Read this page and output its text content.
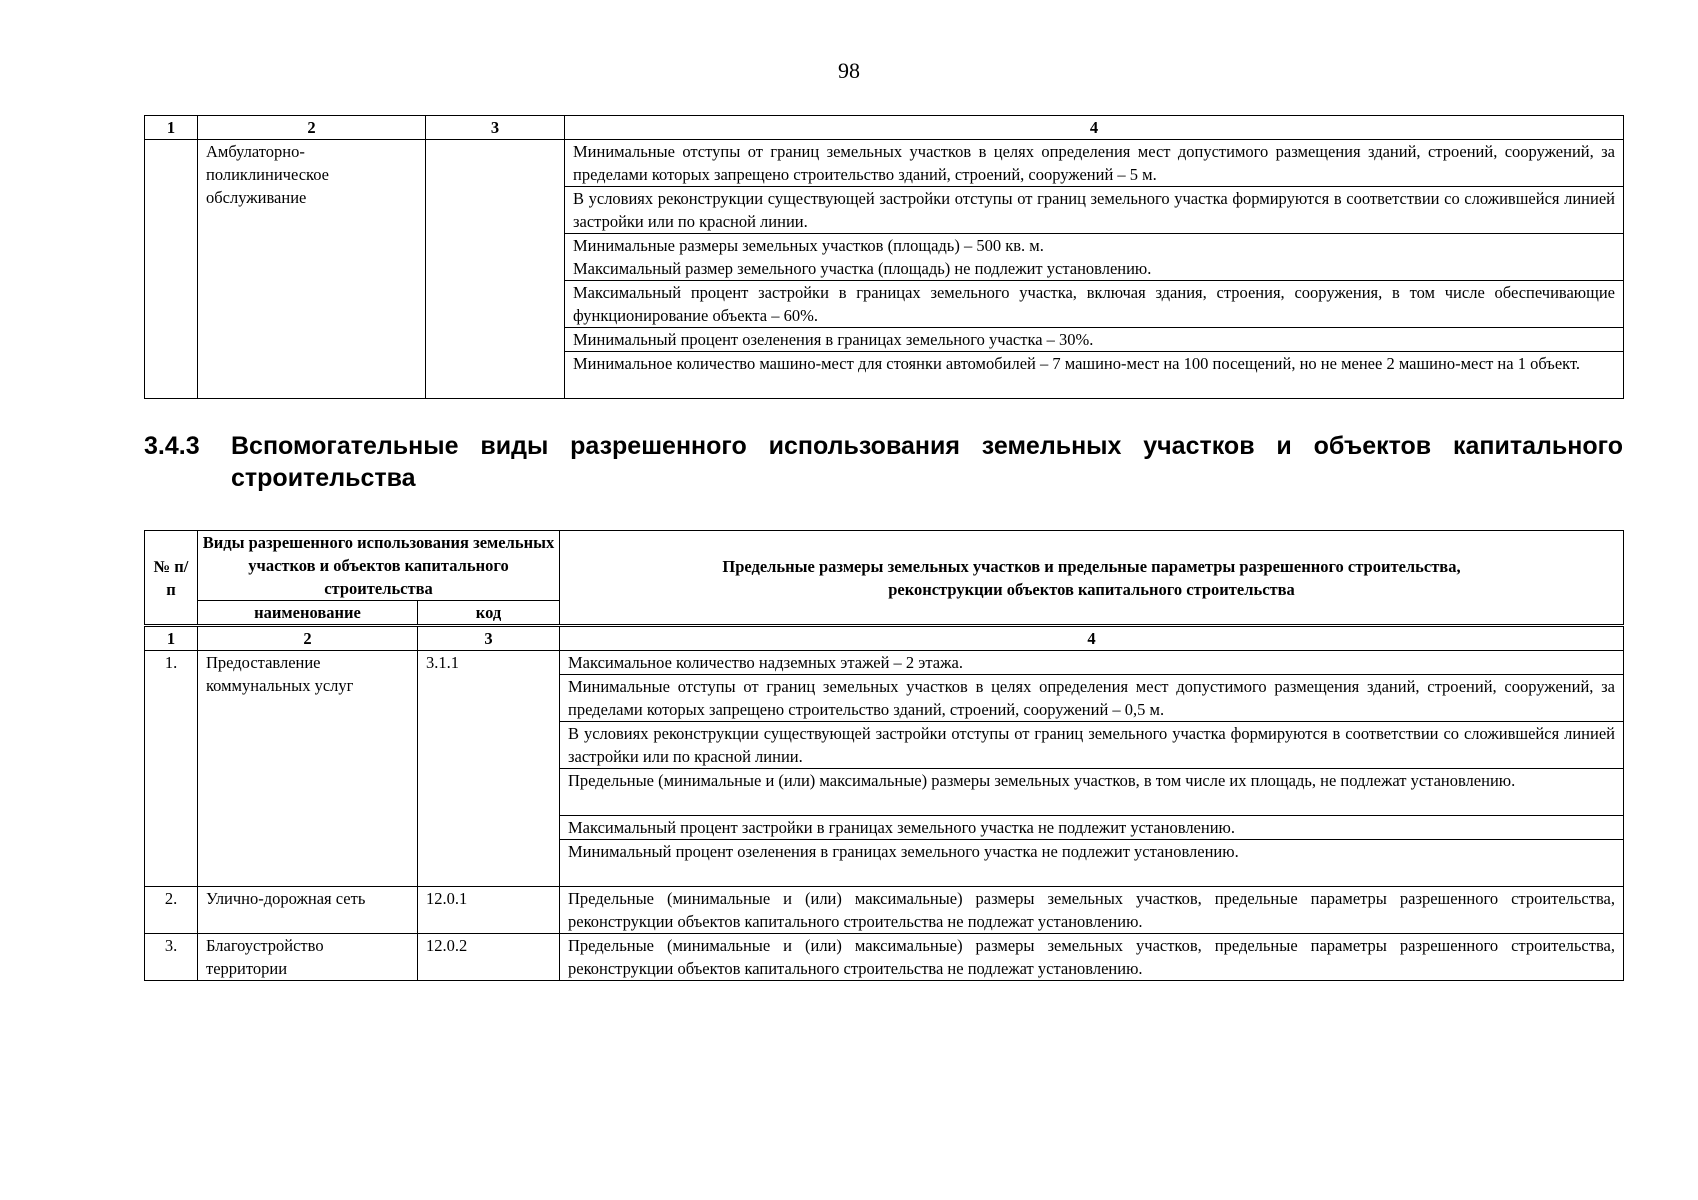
98
1	2	3	4
	Амбулаторно-поликлиническое обслуживание		Минимальные отступы от границ земельных участков в целях определения мест допустимого размещения зданий, строений, сооружений, за пределами которых запрещено строительство зданий, строений, сооружений – 5 м.
			В условиях реконструкции существующей застройки отступы от границ земельного участка формируются в соответствии со сложившейся линией застройки или по красной линии.
			Минимальные размеры земельных участков (площадь) – 500 кв. м.
Максимальный размер земельного участка (площадь) не подлежит установлению.
			Максимальный процент застройки в границах земельного участка, включая здания, строения, сооружения, в том числе обеспечивающие функционирование объекта – 60%.
			Минимальный процент озеленения в границах земельного участка – 30%.
			Минимальное количество машино-мест для стоянки автомобилей – 7 машино-мест на 100 посещений, но не менее 2 машино-мест на 1 объект.
3.4.3	Вспомогательные виды разрешенного использования земельных участков и объектов капитального строительства
№ п/п	Виды разрешенного использования земельных участков и объектов капитального строительства		Предельные размеры земельных участков и предельные параметры разрешенного строительства, реконструкции объектов капитального строительства
	наименование	код	
1	2	3	4
1.	Предоставление коммунальных услуг	3.1.1	Максимальное количество надземных этажей – 2 этажа.
			Минимальные отступы от границ земельных участков в целях определения мест допустимого размещения зданий, строений, сооружений, за пределами которых запрещено строительство зданий, строений, сооружений – 0,5 м.
			В условиях реконструкции существующей застройки отступы от границ земельного участка формируются в соответствии со сложившейся линией застройки или по красной линии.
			Предельные (минимальные и (или) максимальные) размеры земельных участков, в том числе их площадь, не подлежат установлению.
			Максимальный процент застройки в границах земельного участка не подлежит установлению.
			Минимальный процент озеленения в границах земельного участка не подлежит установлению.
2.	Улично-дорожная сеть	12.0.1	Предельные (минимальные и (или) максимальные) размеры земельных участков, предельные параметры разрешенного строительства, реконструкции объектов капитального строительства не подлежат установлению.
3.	Благоустройство территории	12.0.2	Предельные (минимальные и (или) максимальные) размеры земельных участков, предельные параметры разрешенного строительства, реконструкции объектов капитального строительства не подлежат установлению.
